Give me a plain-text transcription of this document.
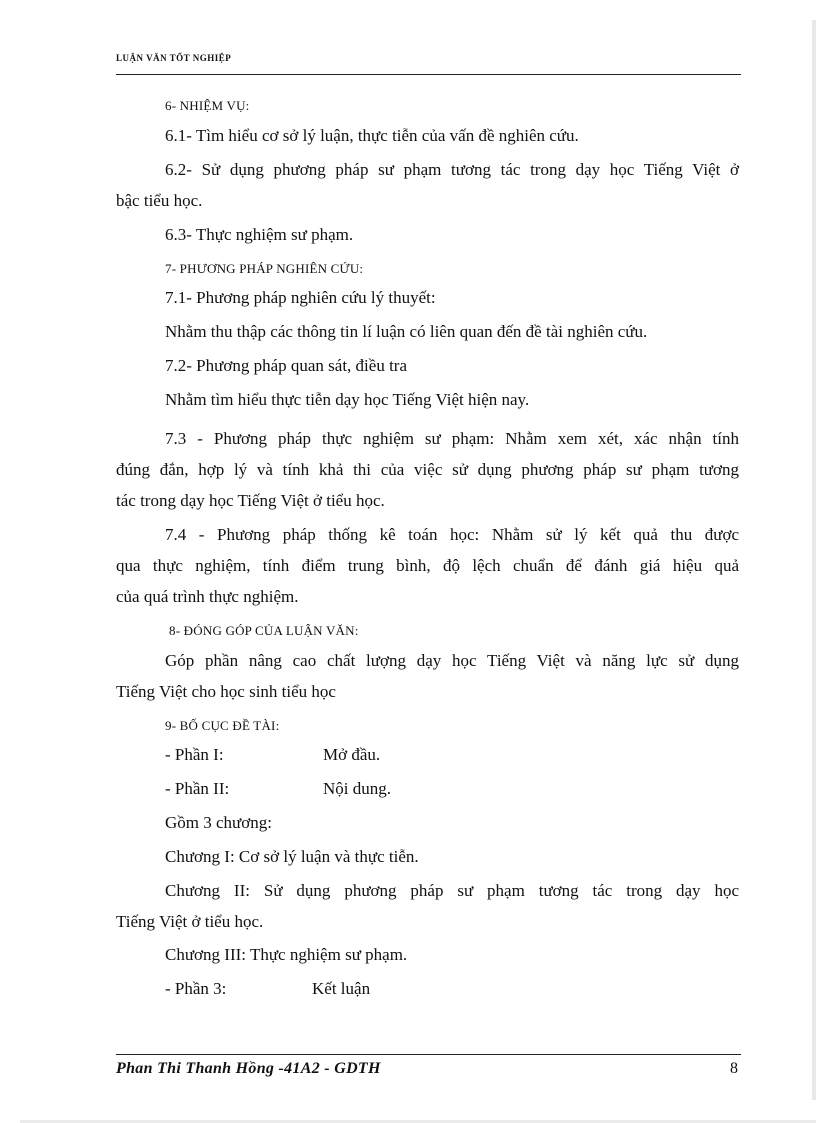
LUẬN VĂN TỐT NGHIỆP
6- NHIỆM VỤ:
6.1- Tìm hiểu cơ sở lý luận, thực tiễn của vấn đề nghiên cứu.
6.2- Sử dụng phương pháp sư phạm tương tác trong dạy học Tiếng Việt ở
bậc tiểu học.
6.3- Thực nghiệm sư phạm.
7- PHƯƠNG PHÁP NGHIÊN CỨU:
7.1- Phương pháp nghiên cứu lý thuyết:
Nhằm thu thập các thông tin lí luận có liên quan đến đề tài nghiên cứu.
7.2- Phương pháp quan sát, điều tra
Nhằm tìm hiểu thực tiễn dạy học Tiếng Việt hiện nay.
7.3 - Phương pháp thực nghiệm sư phạm: Nhằm xem xét, xác nhận tính
đúng đắn, hợp lý và tính khả thi của việc sử dụng phương pháp sư phạm tương
tác trong dạy học Tiếng Việt ở tiểu học.
7.4 - Phương pháp thống kê toán học: Nhằm sử lý kết quả thu được
qua thực nghiệm, tính điểm trung bình, độ lệch chuẩn để đánh giá hiệu quả
của quá trình thực nghiệm.
8- ĐÓNG GÓP CỦA LUẬN VĂN:
Góp phần nâng cao chất lượng dạy học Tiếng Việt và năng lực sử dụng
Tiếng Việt cho học sinh tiểu học
9- BỐ CỤC ĐỀ TÀI:
- Phần I:	Mở đầu.
- Phần II:	Nội dung.
Gồm 3 chương:
Chương I: Cơ sở lý luận và thực tiễn.
Chương II: Sử dụng phương pháp sư phạm tương tác trong dạy học
Tiếng Việt ở tiểu học.
Chương III: Thực nghiệm sư phạm.
- Phần 3:	Kết luận
Phan Thi Thanh Hồng -41A2 - GDTH	8
